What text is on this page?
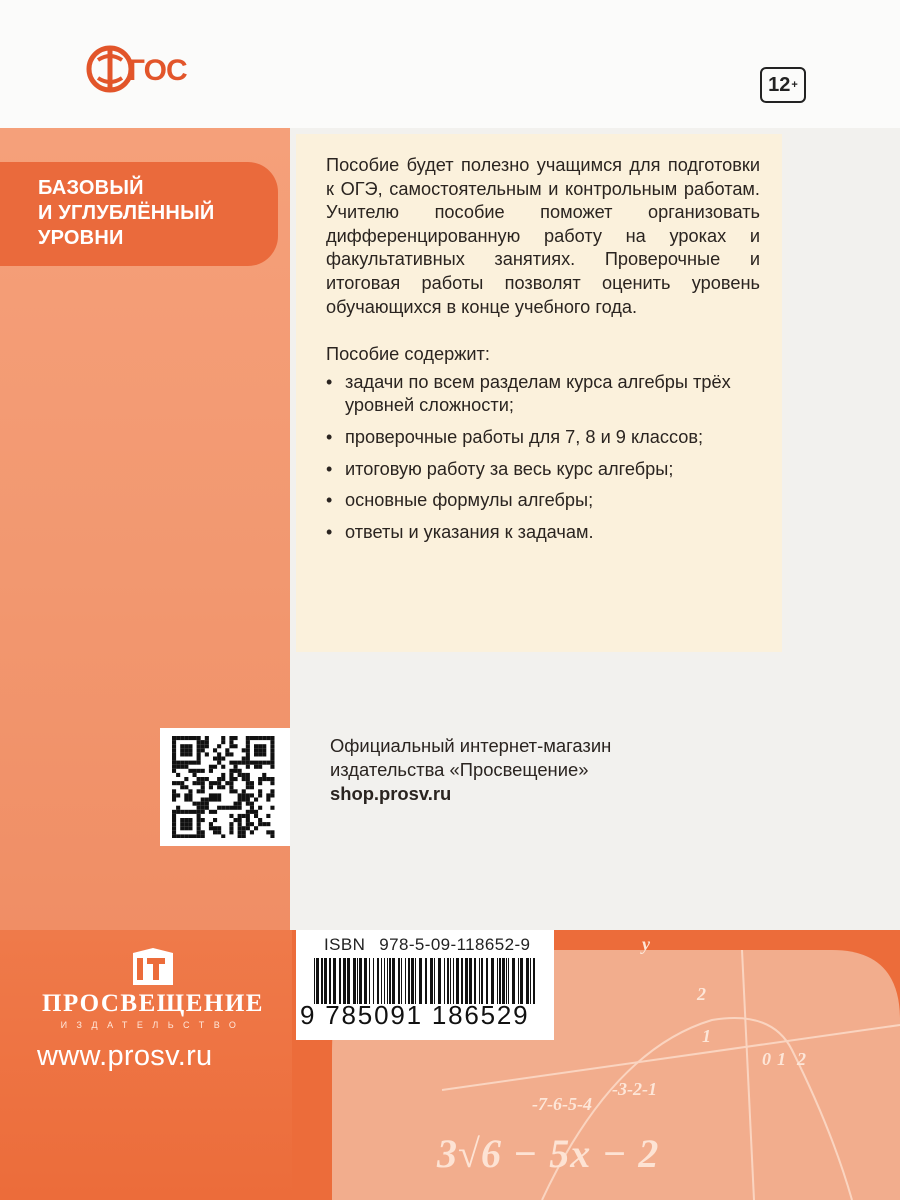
ГОС	12 +
БАЗОВЫЙ
И УГЛУБЛЁННЫЙ
УРОВНИ

Пособие будет полезно учащимся для подготовки к ОГЭ, самостоятельным и контрольным работам. Учителю пособие поможет организовать дифференцированную работу на уроках и факультативных занятиях. Проверочные и итоговая работы позволят оценить уровень обучающихся в конце учебного года.

Пособие содержит:

• задачи по всем разделам курса алгебры трёх уровней сложности;
• проверочные работы для 7, 8 и 9 классов;
• итоговую работу за весь курс алгебры;
• основные формулы алгебры;
• ответы и указания к задачам.
Официальный интернет-магазин
издательства «Просвещение»
shop.prosv.ru
y
2
1
0 1 2
-7-6-5-4
-3-2-1
ПРОСВЕЩЕНИЕ
ИЗДАТЕЛЬСТВО
www.prosv.ru
ISBN 978-5-09-118652-9
9 785091 186529
3√6 − 5x − 2
